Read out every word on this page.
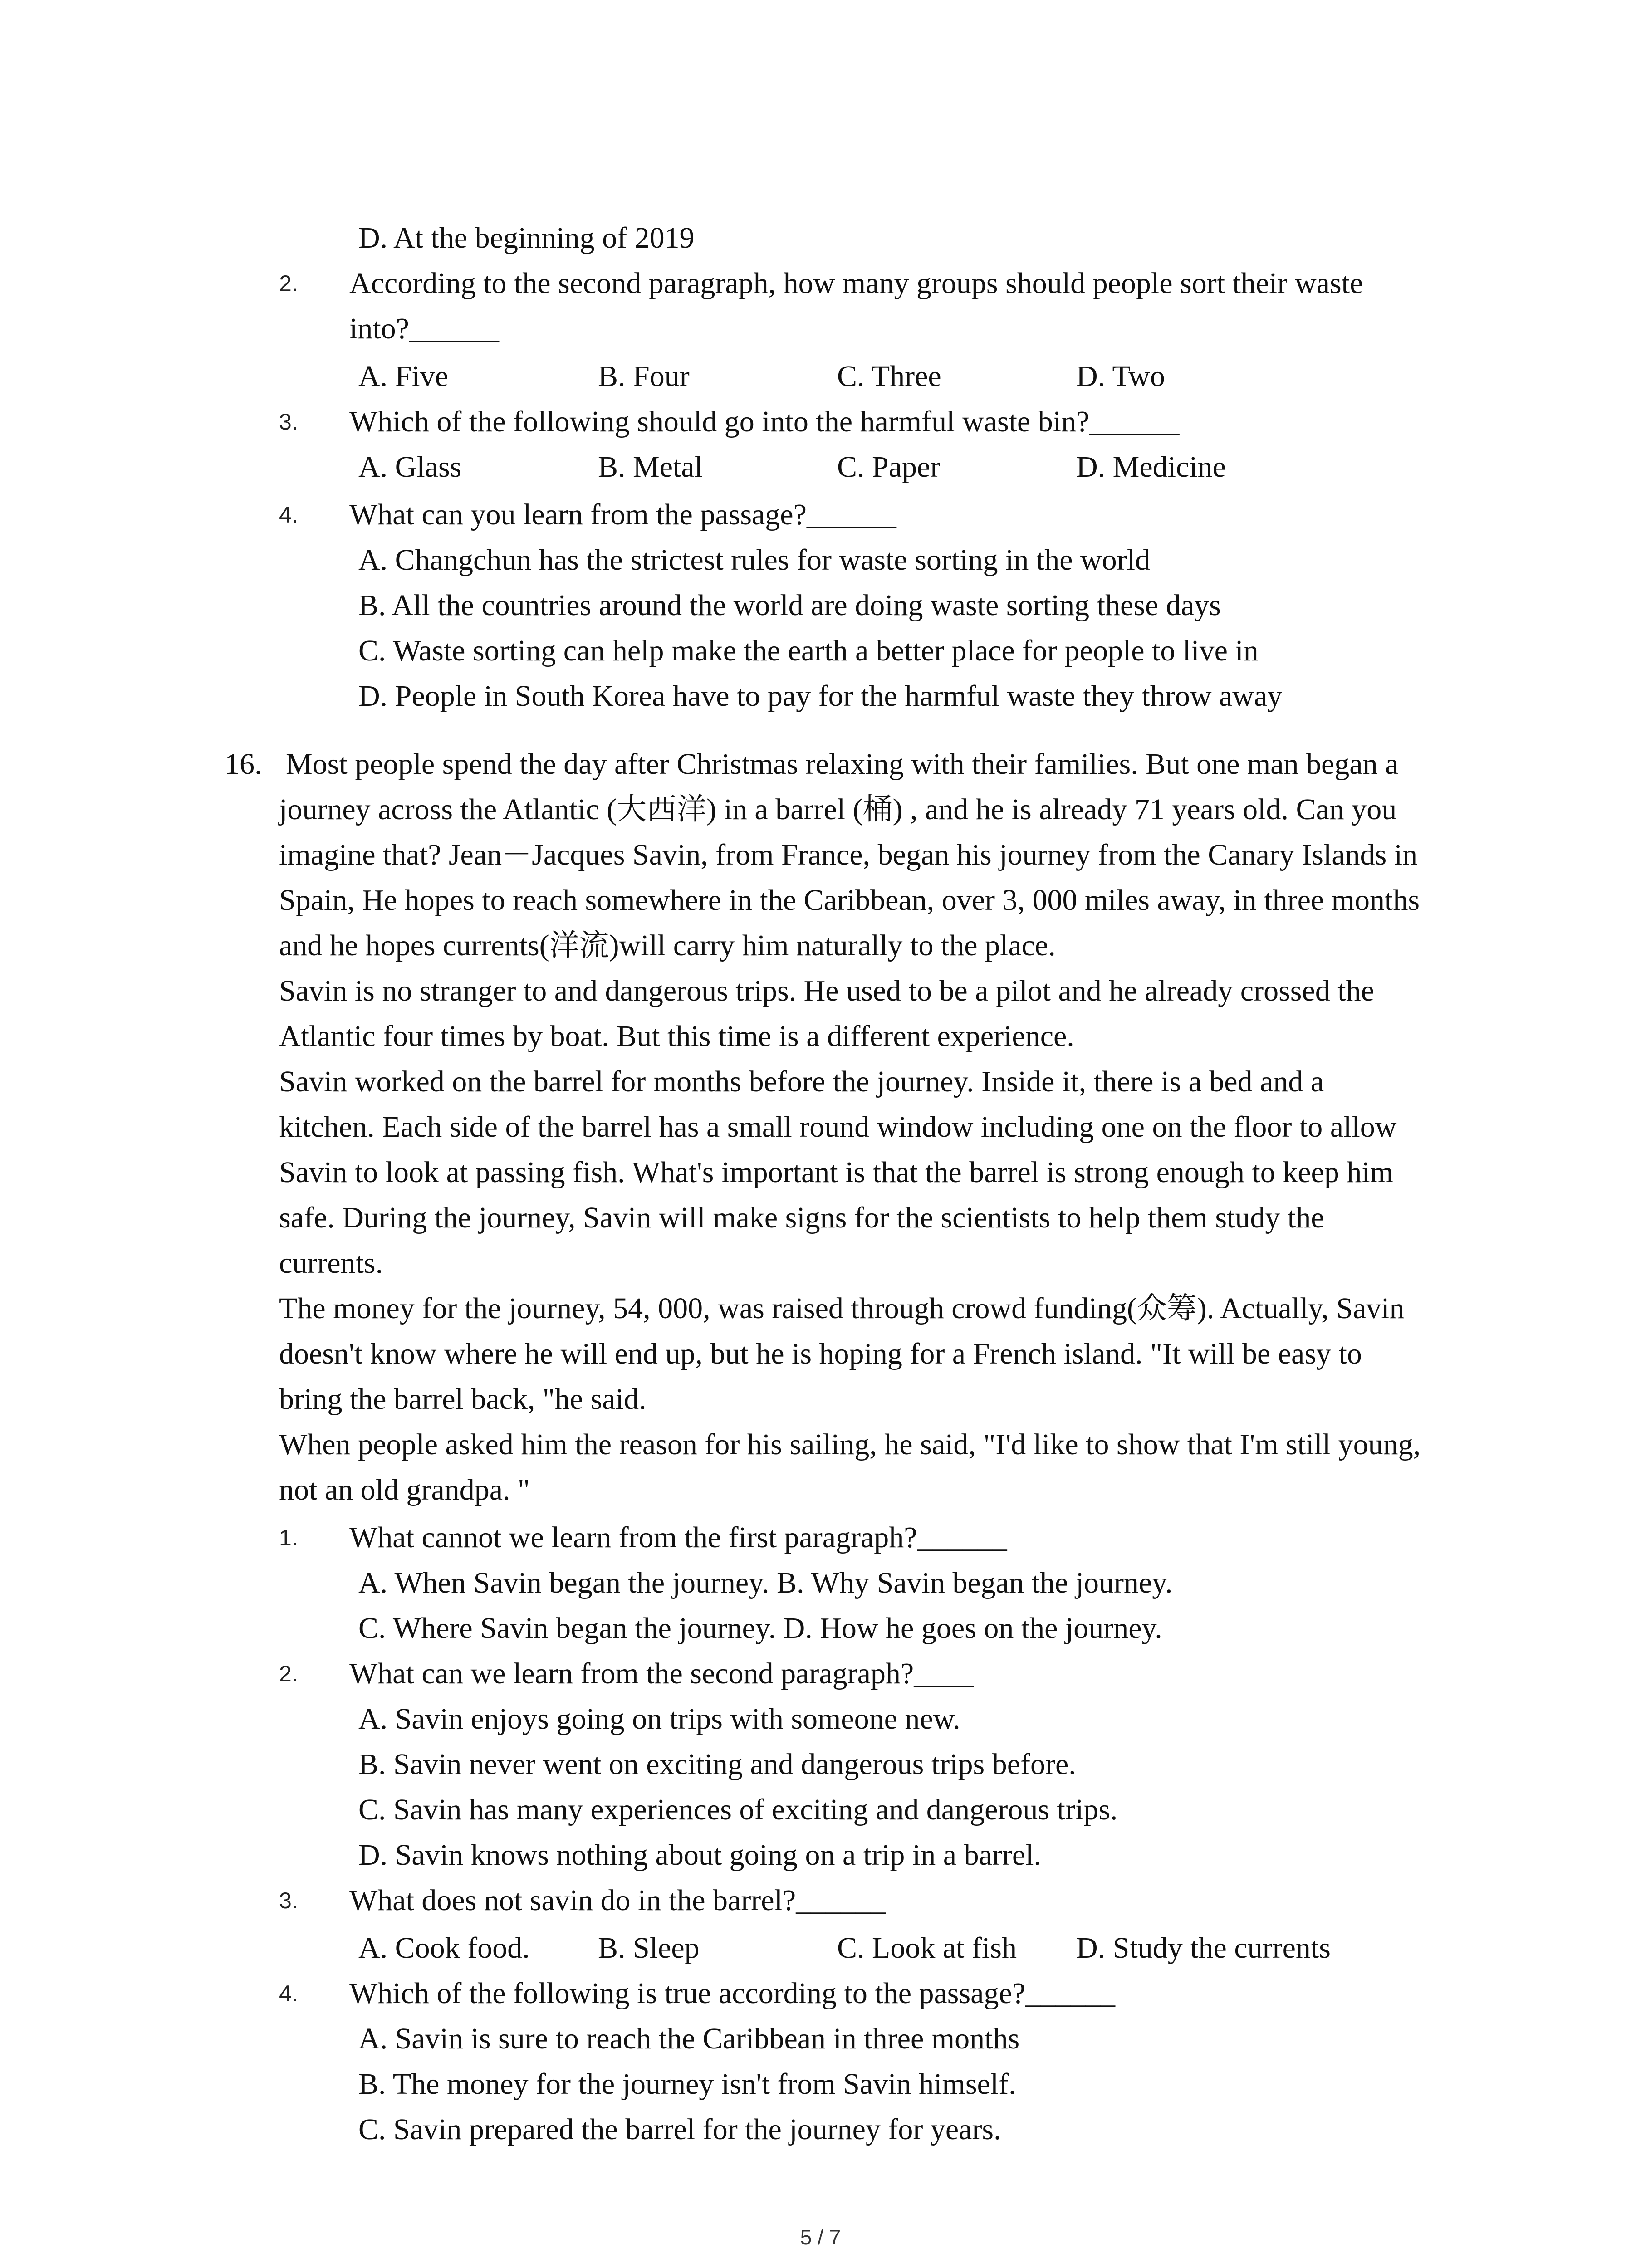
D. At the beginning of 2019
2. According to the second paragraph, how many groups should people sort their waste
into?______
A. Five	B. Four	C. Three	D. Two
3. Which of the following should go into the harmful waste bin?______
A. Glass	B. Metal	C. Paper	D. Medicine
4. What can you learn from the passage?______
A. Changchun has the strictest rules for waste sorting in the world
B. All the countries around the world are doing waste sorting these days
C. Waste sorting can help make the earth a better place for people to live in
D. People in South Korea have to pay for the harmful waste they throw away
16. Most people spend the day after Christmas relaxing with their families. But one man began a
journey across the Atlantic (大西洋) in a barrel (桶) , and he is already 71 years old. Can you
imagine that? Jean－Jacques Savin, from France, began his journey from the Canary Islands in
Spain, He hopes to reach somewhere in the Caribbean, over 3, 000 miles away, in three months
and he hopes currents(洋流)will carry him naturally to the place.
Savin is no stranger to and dangerous trips. He used to be a pilot and he already crossed the
Atlantic four times by boat. But this time is a different experience.
Savin worked on the barrel for months before the journey. Inside it, there is a bed and a
kitchen. Each side of the barrel has a small round window including one on the floor to allow
Savin to look at passing fish. What's important is that the barrel is strong enough to keep him
safe. During the journey, Savin will make signs for the scientists to help them study the
currents.
The money for the journey, 54, 000, was raised through crowd funding(众筹). Actually, Savin
doesn't know where he will end up, but he is hoping for a French island. "It will be easy to
bring the barrel back, "he said.
When people asked him the reason for his sailing, he said, "I'd like to show that I'm still young,
not an old grandpa. "
1. What cannot we learn from the first paragraph?______
A. When Savin began the journey. B. Why Savin began the journey.
C. Where Savin began the journey. D. How he goes on the journey.
2. What can we learn from the second paragraph?____
A. Savin enjoys going on trips with someone new.
B. Savin never went on exciting and dangerous trips before.
C. Savin has many experiences of exciting and dangerous trips.
D. Savin knows nothing about going on a trip in a barrel.
3. What does not savin do in the barrel?______
A. Cook food. B. Sleep	C. Look at fish D. Study the currents
4. Which of the following is true according to the passage?______
A. Savin is sure to reach the Caribbean in three months
B. The money for the journey isn't from Savin himself.
C. Savin prepared the barrel for the journey for years.
5 / 7
